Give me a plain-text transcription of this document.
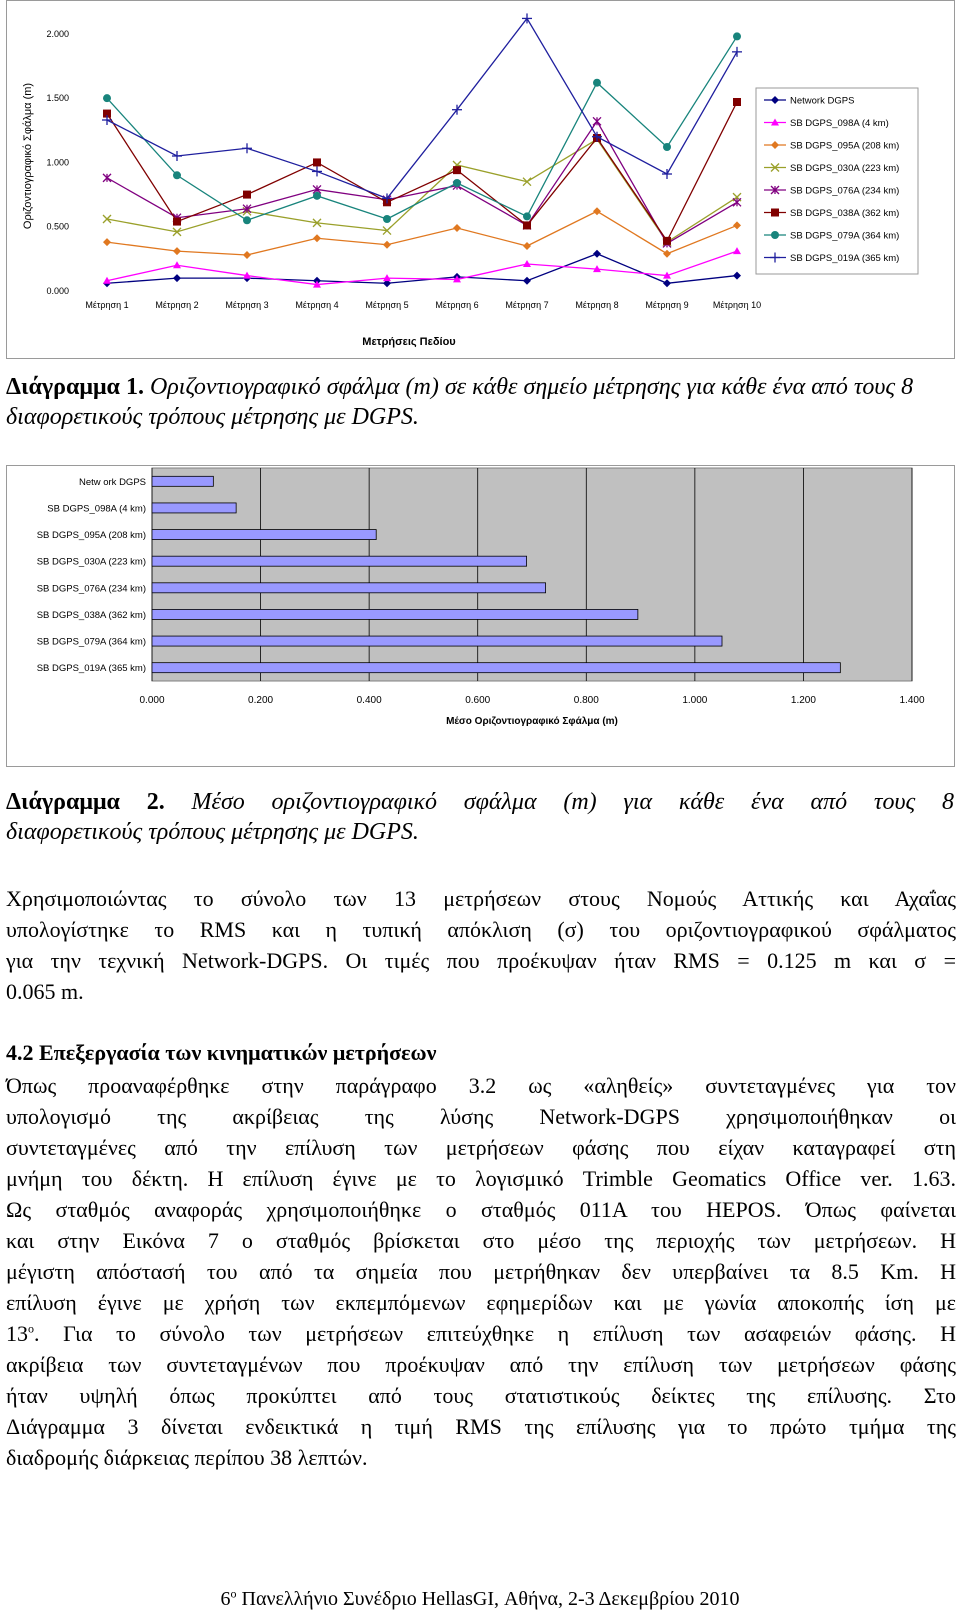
0.000
0.500
1.000
1.500
2.000
Μέτρηση 1	Μέτρηση 2	Μέτρηση 3	Μέτρηση 4	Μέτρηση 5	Μέτρηση 6	Μέτρηση 7	Μέτρηση 8	Μέτρηση 9	Μέτρηση 10
Οριζοντιογραφικό Σφάλμα (m)
Μετρήσεις Πεδίου
Network DGPS
SB DGPS_098A (4 km)
SB DGPS_095A (208 km)
SB DGPS_030A (223 km)
SB DGPS_076A (234 km)
SB DGPS_038A (362 km)
SB DGPS_079A (364 km)
SB DGPS_019A (365 km)
Διάγραμμα 1. Οριζοντιογραφικό σφάλμα (m) σε κάθε σημείο μέτρησης για κάθε ένα από τους 8 διαφορετικούς τρόπους μέτρησης με DGPS.
0.000	0.200	0.400	0.600	0.800	1.000	1.200	1.400
Μέσο Οριζοντιογραφικό Σφάλμα (m)
Netw ork DGPS
SB DGPS_098A (4 km)
SB DGPS_095A (208 km)
SB DGPS_030A (223 km)
SB DGPS_076A (234 km)
SB DGPS_038A (362 km)
SB DGPS_079A (364 km)
SB DGPS_019A (365 km)
Διάγραμμα 2. Μέσο οριζοντιογραφικό σφάλμα (m) για κάθε ένα από τους 8
διαφορετικούς τρόπους μέτρησης με DGPS.
Χρησιμοποιώντας το σύνολο των 13 μετρήσεων στους Νομούς Αττικής και Αχαΐας
υπολογίστηκε το RMS και η τυπική απόκλιση (σ) του οριζοντιογραφικού σφάλματος
για την τεχνική Network-DGPS. Οι τιμές που προέκυψαν ήταν RMS = 0.125 m και σ =
0.065 m.
4.2 Επεξεργασία των κινηματικών μετρήσεων
Όπως προαναφέρθηκε στην παράγραφο 3.2 ως «αληθείς» συντεταγμένες για τον
υπολογισμό της ακρίβειας της λύσης Network-DGPS χρησιμοποιήθηκαν οι
συντεταγμένες από την επίλυση των μετρήσεων φάσης που είχαν καταγραφεί στη
μνήμη του δέκτη. Η επίλυση έγινε με το λογισμικό Trimble Geomatics Office ver. 1.63.
Ως σταθμός αναφοράς χρησιμοποιήθηκε ο σταθμός 011A του HEPOS. Όπως φαίνεται
και στην Εικόνα 7 ο σταθμός βρίσκεται στο μέσο της περιοχής των μετρήσεων. Η
μέγιστη απόστασή του από τα σημεία που μετρήθηκαν δεν υπερβαίνει τα 8.5 Km. Η
επίλυση έγινε με χρήση των εκπεμπόμενων εφημερίδων και με γωνία αποκοπής ίση με
$13^o$. Για το σύνολο των μετρήσεων επιτεύχθηκε η επίλυση των ασαφειών φάσης. Η
ακρίβεια των συντεταγμένων που προέκυψαν από την επίλυση των μετρήσεων φάσης
ήταν υψηλή όπως προκύπτει από τους στατιστικούς δείκτες της επίλυσης. Στο
Διάγραμμα 3 δίνεται ενδεικτικά η τιμή RMS της επίλυσης για το πρώτο τμήμα της
διαδρομής διάρκειας περίπου 38 λεπτών.
$6^o$ Πανελλήνιο Συνέδριο HellasGI, Αθήνα, 2-3 Δεκεμβρίου 2010
